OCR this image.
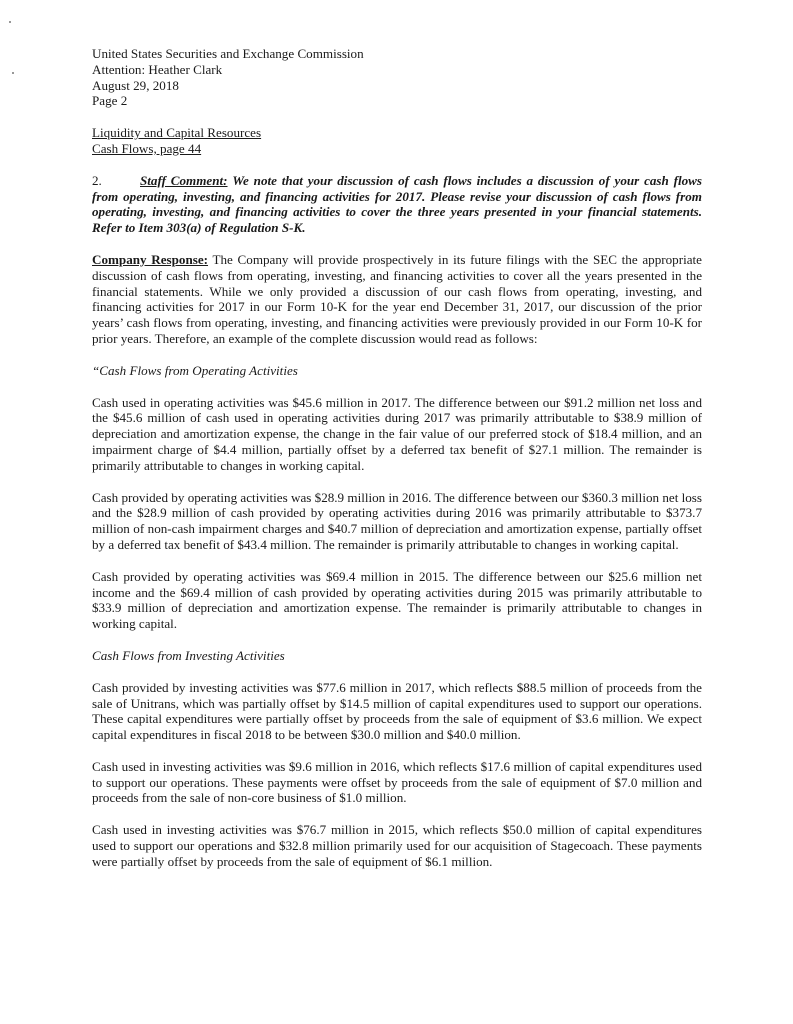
United States Securities and Exchange Commission
Attention: Heather Clark
August 29, 2018
Page 2
Liquidity and Capital Resources
Cash Flows, page 44

2.	Staff Comment: We note that your discussion of cash flows includes a discussion of your cash flows from operating, investing, and financing activities for 2017. Please revise your discussion of cash flows from operating, investing, and financing activities to cover the three years presented in your financial statements. Refer to Item 303(a) of Regulation S-K.

Company Response: The Company will provide prospectively in its future filings with the SEC the appropriate discussion of cash flows from operating, investing, and financing activities to cover all the years presented in the financial statements. While we only provided a discussion of our cash flows from operating, investing, and financing activities for 2017 in our Form 10-K for the year end December 31, 2017, our discussion of the prior years’ cash flows from operating, investing, and financing activities were previously provided in our Form 10-K for prior years. Therefore, an example of the complete discussion would read as follows:

“Cash Flows from Operating Activities

Cash used in operating activities was $45.6 million in 2017. The difference between our $91.2 million net loss and the $45.6 million of cash used in operating activities during 2017 was primarily attributable to $38.9 million of depreciation and amortization expense, the change in the fair value of our preferred stock of $18.4 million, and an impairment charge of $4.4 million, partially offset by a deferred tax benefit of $27.1 million. The remainder is primarily attributable to changes in working capital.

Cash provided by operating activities was $28.9 million in 2016. The difference between our $360.3 million net loss and the $28.9 million of cash provided by operating activities during 2016 was primarily attributable to $373.7 million of non-cash impairment charges and $40.7 million of depreciation and amortization expense, partially offset by a deferred tax benefit of $43.4 million. The remainder is primarily attributable to changes in working capital.

Cash provided by operating activities was $69.4 million in 2015. The difference between our $25.6 million net income and the $69.4 million of cash provided by operating activities during 2015 was primarily attributable to $33.9 million of depreciation and amortization expense. The remainder is primarily attributable to changes in working capital.

Cash Flows from Investing Activities

Cash provided by investing activities was $77.6 million in 2017, which reflects $88.5 million of proceeds from the sale of Unitrans, which was partially offset by $14.5 million of capital expenditures used to support our operations. These capital expenditures were partially offset by proceeds from the sale of equipment of $3.6 million. We expect capital expenditures in fiscal 2018 to be between $30.0 million and $40.0 million.

Cash used in investing activities was $9.6 million in 2016, which reflects $17.6 million of capital expenditures used to support our operations. These payments were offset by proceeds from the sale of equipment of $7.0 million and proceeds from the sale of non-core business of $1.0 million.

Cash used in investing activities was $76.7 million in 2015, which reflects $50.0 million of capital expenditures used to support our operations and $32.8 million primarily used for our acquisition of Stagecoach. These payments were partially offset by proceeds from the sale of equipment of $6.1 million.
